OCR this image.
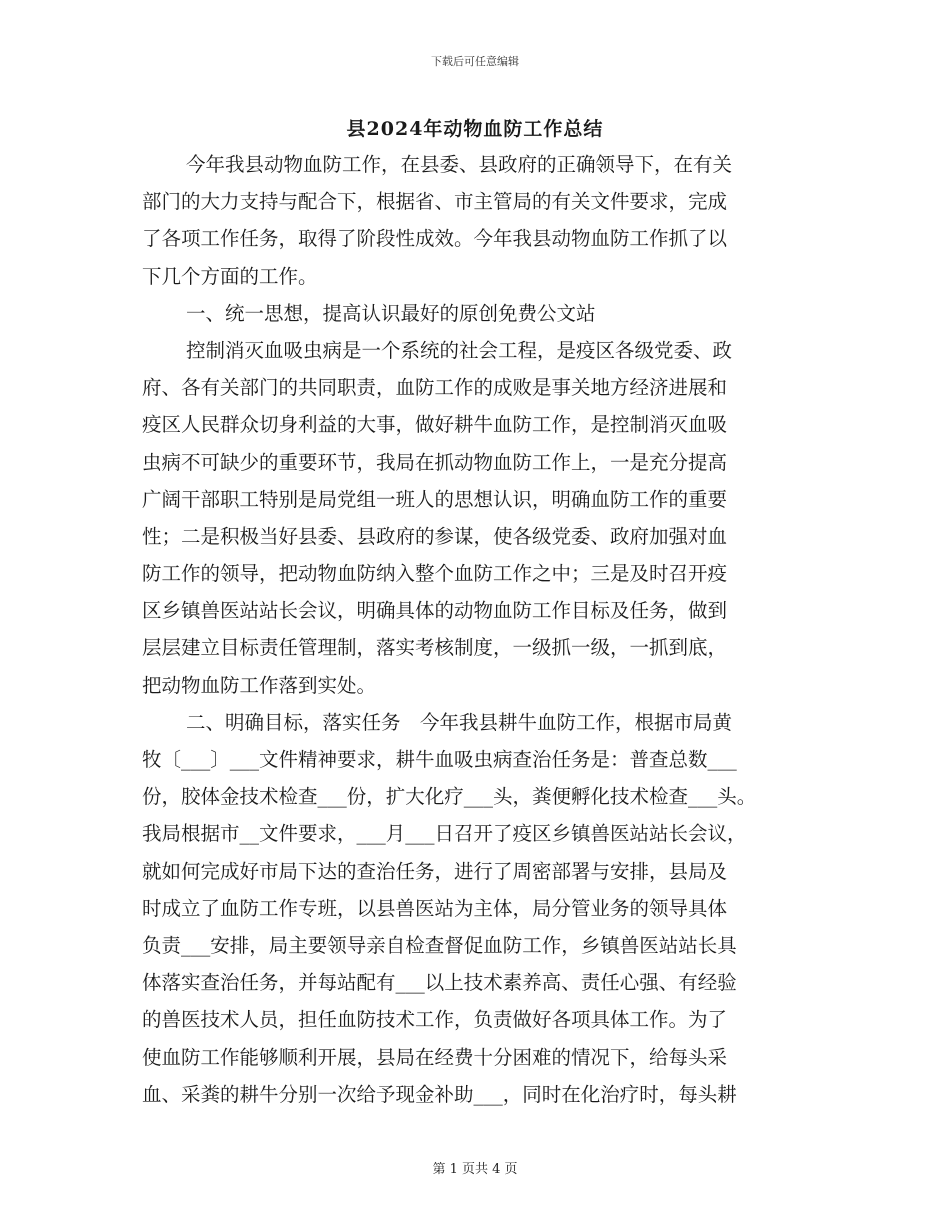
下载后可任意编辑
县2024年动物血防工作总结
今年我县动物血防工作，在县委、县政府的正确领导下，在有关
部门的大力支持与配合下，根据省、市主管局的有关文件要求，完成
了各项工作任务，取得了阶段性成效。今年我县动物血防工作抓了以
下几个方面的工作。
一、统一思想，提高认识最好的原创免费公文站
控制消灭血吸虫病是一个系统的社会工程，是疫区各级党委、政
府、各有关部门的共同职责，血防工作的成败是事关地方经济进展和
疫区人民群众切身利益的大事，做好耕牛血防工作，是控制消灭血吸
虫病不可缺少的重要环节，我局在抓动物血防工作上，一是充分提高
广阔干部职工特别是局党组一班人的思想认识，明确血防工作的重要
性；二是积极当好县委、县政府的参谋，使各级党委、政府加强对血
防工作的领导，把动物血防纳入整个血防工作之中；三是及时召开疫
区乡镇兽医站站长会议，明确具体的动物血防工作目标及任务，做到
层层建立目标责任管理制，落实考核制度，一级抓一级，一抓到底，
把动物血防工作落到实处。
二、明确目标，落实任务　今年我县耕牛血防工作，根据市局黄
牧〔___〕___文件精神要求，耕牛血吸虫病查治任务是：普查总数___
份，胶体金技术检查___份，扩大化疗___头，粪便孵化技术检查___头。
我局根据市__文件要求，___月___日召开了疫区乡镇兽医站站长会议，
就如何完成好市局下达的查治任务，进行了周密部署与安排，县局及
时成立了血防工作专班，以县兽医站为主体，局分管业务的领导具体
负责___安排，局主要领导亲自检查督促血防工作，乡镇兽医站站长具
体落实查治任务，并每站配有___以上技术素养高、责任心强、有经验
的兽医技术人员，担任血防技术工作，负责做好各项具体工作。为了
使血防工作能够顺利开展，县局在经费十分困难的情况下，给每头采
血、采粪的耕牛分别一次给予现金补助___，同时在化治疗时，每头耕
第 1 页共 4 页
